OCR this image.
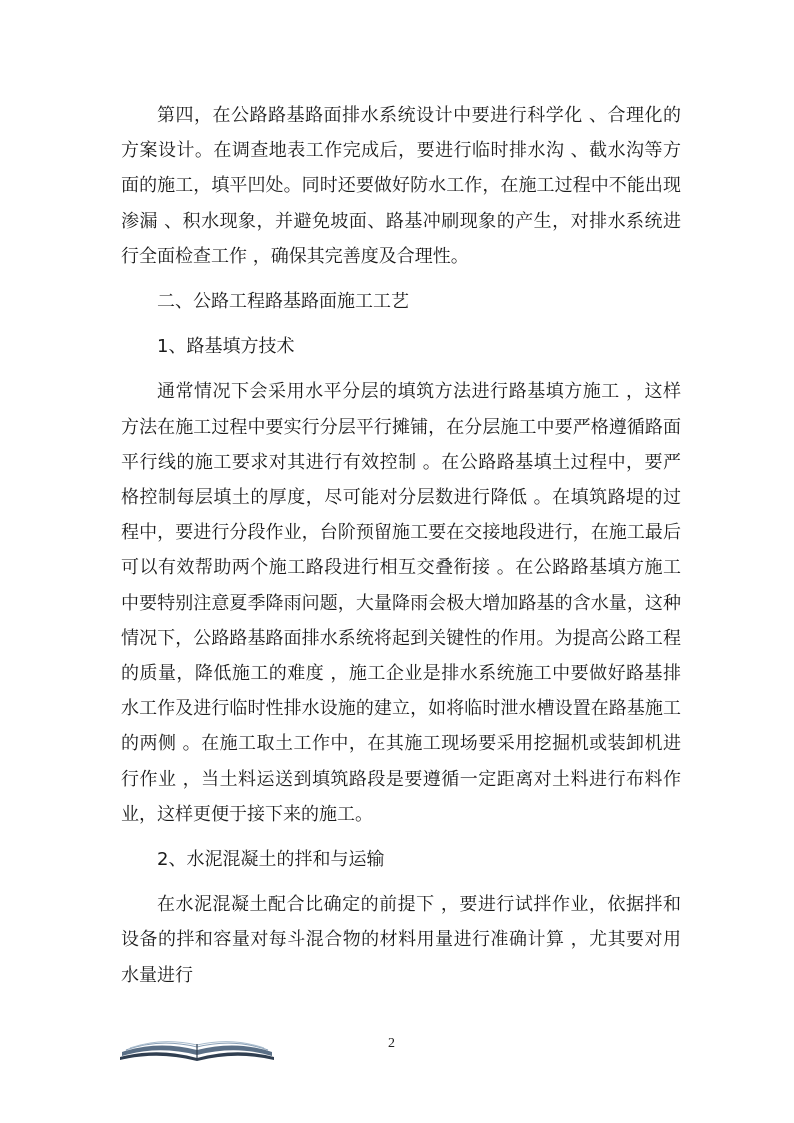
第四，在公路路基路面排水系统设计中要进行科学化 、合理化的方案设计。在调查地表工作完成后，要进行临时排水沟 、截水沟等方面的施工，填平凹处。同时还要做好防水工作，在施工过程中不能出现渗漏 、积水现象，并避免坡面、路基冲刷现象的产生，对排水系统进行全面检查工作 ，确保其完善度及合理性。

二、公路工程路基路面施工工艺

1、路基填方技术

通常情况下会采用水平分层的填筑方法进行路基填方施工 ，这样方法在施工过程中要实行分层平行摊铺，在分层施工中要严格遵循路面平行线的施工要求对其进行有效控制 。在公路路基填土过程中，要严格控制每层填土的厚度，尽可能对分层数进行降低 。在填筑路堤的过程中，要进行分段作业，台阶预留施工要在交接地段进行，在施工最后可以有效帮助两个施工路段进行相互交叠衔接 。在公路路基填方施工中要特别注意夏季降雨问题，大量降雨会极大增加路基的含水量，这种情况下，公路路基路面排水系统将起到关键性的作用。为提高公路工程的质量，降低施工的难度 ，施工企业是排水系统施工中要做好路基排水工作及进行临时性排水设施的建立，如将临时泄水槽设置在路基施工的两侧 。在施工取土工作中，在其施工现场要采用挖掘机或装卸机进行作业 ，当土料运送到填筑路段是要遵循一定距离对土料进行布料作业，这样更便于接下来的施工。

2、水泥混凝土的拌和与运输

在水泥混凝土配合比确定的前提下 ，要进行试拌作业，依据拌和设备的拌和容量对每斗混合物的材料用量进行准确计算 ，尤其要对用水量进行

2
